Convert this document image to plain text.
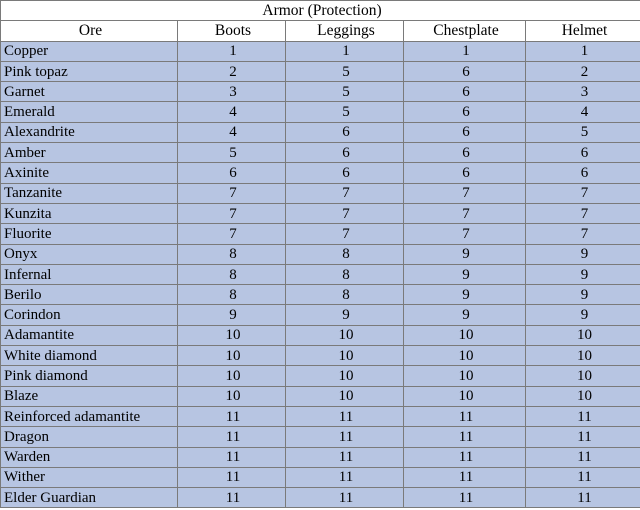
Armor (Protection)				
Ore	Boots	Leggings	Chestplate	Helmet
Copper	1	1	1	1
Pink topaz	2	5	6	2
Garnet	3	5	6	3
Emerald	4	5	6	4
Alexandrite	4	6	6	5
Amber	5	6	6	6
Axinite	6	6	6	6
Tanzanite	7	7	7	7
Kunzita	7	7	7	7
Fluorite	7	7	7	7
Onyx	8	8	9	9
Infernal	8	8	9	9
Berilo	8	8	9	9
Corindon	9	9	9	9
Adamantite	10	10	10	10
White diamond	10	10	10	10
Pink diamond	10	10	10	10
Blaze	10	10	10	10
Reinforced adamantite	11	11	11	11
Dragon	11	11	11	11
Warden	11	11	11	11
Wither	11	11	11	11
Elder Guardian	11	11	11	11
